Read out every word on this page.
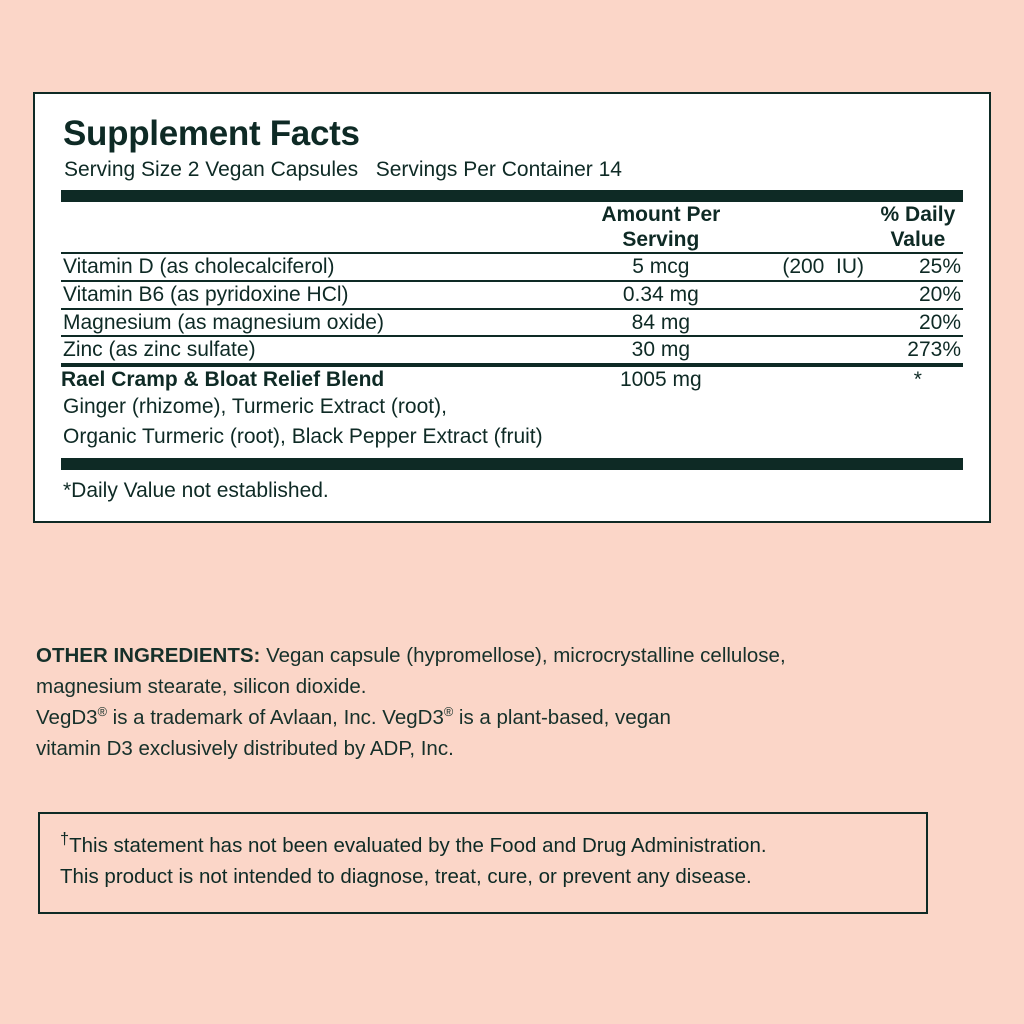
Supplement Facts
Serving Size 2 Vegan Capsules   Servings Per Container 14
	Amount Per
Serving		% Daily
Value
Vitamin D (as cholecalciferol)	5 mcg	(200  IU)	25%
Vitamin B6 (as pyridoxine HCl)	0.34 mg		20%
Magnesium (as magnesium oxide)	84 mg		20%
Zinc (as zinc sulfate)	30 mg		273%

Rael Cramp & Bloat Relief Blend	1005 mg		*
Ginger (rhizome), Turmeric Extract (root),
Organic Turmeric (root), Black Pepper Extract (fruit)
*Daily Value not established.
OTHER INGREDIENTS: Vegan capsule (hypromellose), microcrystalline cellulose,
magnesium stearate, silicon dioxide.
VegD3® is a trademark of Avlaan, Inc. VegD3® is a plant-based, vegan
vitamin D3 exclusively distributed by ADP, Inc.
†This statement has not been evaluated by the Food and Drug Administration.
This product is not intended to diagnose, treat, cure, or prevent any disease.
